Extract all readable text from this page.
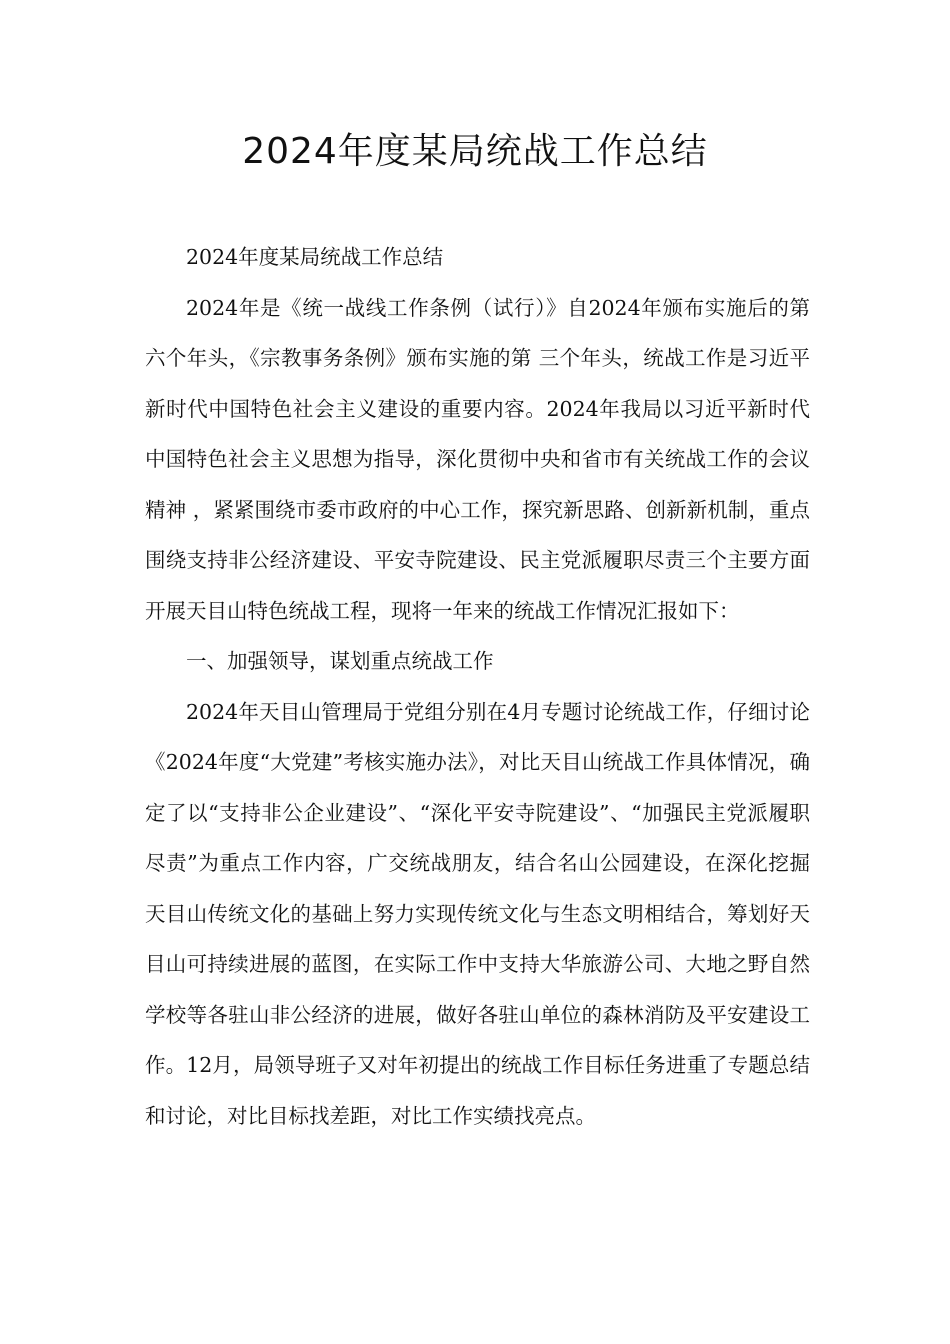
2024年度某局统战工作总结

2024年度某局统战工作总结

2024年是《统一战线工作条例（试行）》自2024年颁布实施后的第六个年头，《宗教事务条例》颁布实施的第 三个年头，统战工作是习近平新时代中国特色社会主义建设的重要内容。2024年我局以习近平新时代中国特色社会主义思想为指导，深化贯彻中央和省市有关统战工作的会议精神 ，紧紧围绕市委市政府的中心工作，探究新思路、创新新机制，重点围绕支持非公经济建设、平安寺院建设、民主党派履职尽责三个主要方面开展天目山特色统战工程，现将一年来的统战工作情况汇报如下：

一、加强领导，谋划重点统战工作

2024年天目山管理局于党组分别在4月专题讨论统战工作，仔细讨论《2024年度“大党建”考核实施办法》，对比天目山统战工作具体情况，确定了以“支持非公企业建设”、“深化平安寺院建设”、“加强民主党派履职尽责”为重点工作内容，广交统战朋友，结合名山公园建设，在深化挖掘天目山传统文化的基础上努力实现传统文化与生态文明相结合，筹划好天目山可持续进展的蓝图，在实际工作中支持大华旅游公司、大地之野自然学校等各驻山非公经济的进展，做好各驻山单位的森林消防及平安建设工作。12月，局领导班子又对年初提出的统战工作目标任务进重了专题总结和讨论，对比目标找差距，对比工作实绩找亮点。
